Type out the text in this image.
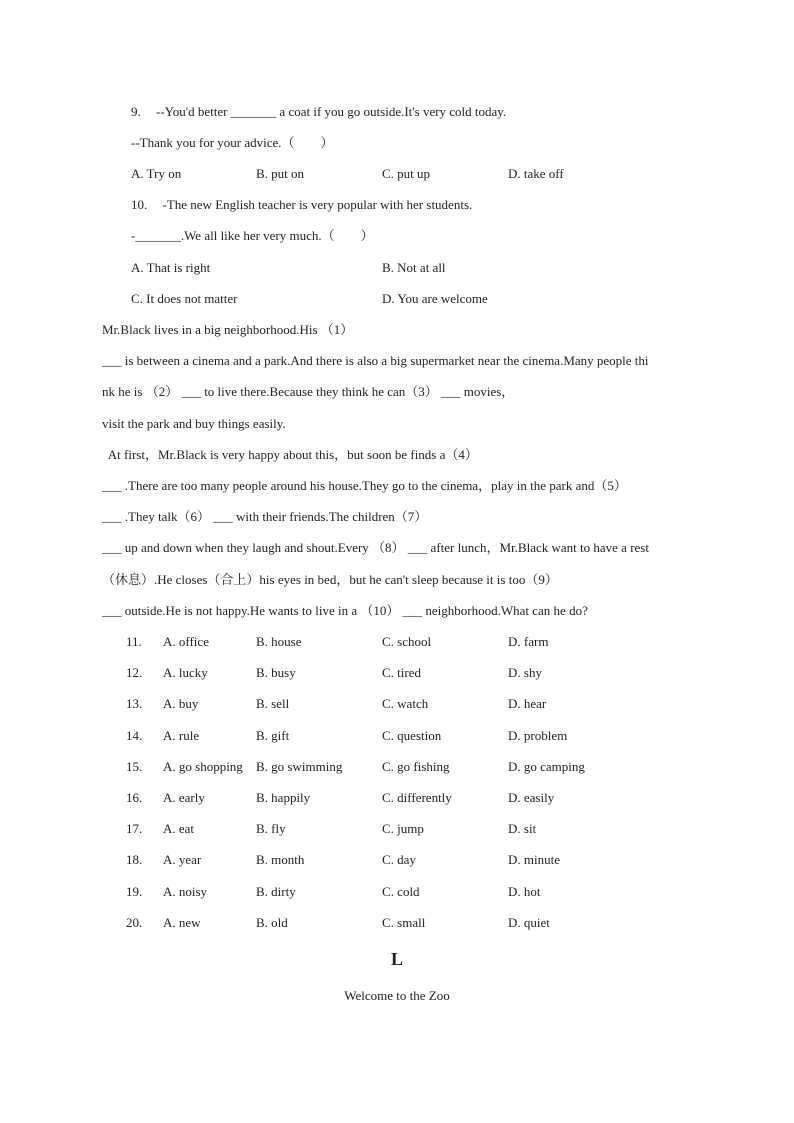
9. --You'd better _______ a coat if you go outside.It's very cold today.
--Thank you for your advice.（　　）
A. Try on	B. put on	C. put up	D. take off
10. -The new English teacher is very popular with her students.
-_______.We all like her very much.（　　）
A. That is right	B. Not at all
C. It does not matter	D. You are welcome
Mr.Black lives in a big neighborhood.His （1）
___ is between a cinema and a park.And there is also a big supermarket near the cinema.Many people thi
nk he is （2） ___ to live there.Because they think he can（3） ___ movies，
visit the park and buy things easily.
At first，Mr.Black is very happy about this，but soon be finds a（4）
___ .There are too many people around his house.They go to the cinema，play in the park and（5）
___ .They talk（6） ___ with their friends.The children（7）
___ up and down when they laugh and shout.Every （8） ___ after lunch，Mr.Black want to have a rest
（休息）.He closes（合上）his eyes in bed，but he can't sleep because it is too（9）
___ outside.He is not happy.He wants to live in a （10） ___ neighborhood.What can he do?
11. A. office	B. house	C. school	D. farm
12. A. lucky	B. busy	C. tired	D. shy
13. A. buy	B. sell	C. watch	D. hear
14. A. rule	B. gift	C. question	D. problem
15. A. go shopping B. go swimming	C. go fishing	D. go camping
16. A. early	B. happily	C. differently	D. easily
17. A. eat	B. fly	C. jump	D. sit
18. A. year	B. month	C. day	D. minute
19. A. noisy	B. dirty	C. cold	D. hot
20. A. new	B. old	C. small	D. quiet
L
Welcome to the Zoo
